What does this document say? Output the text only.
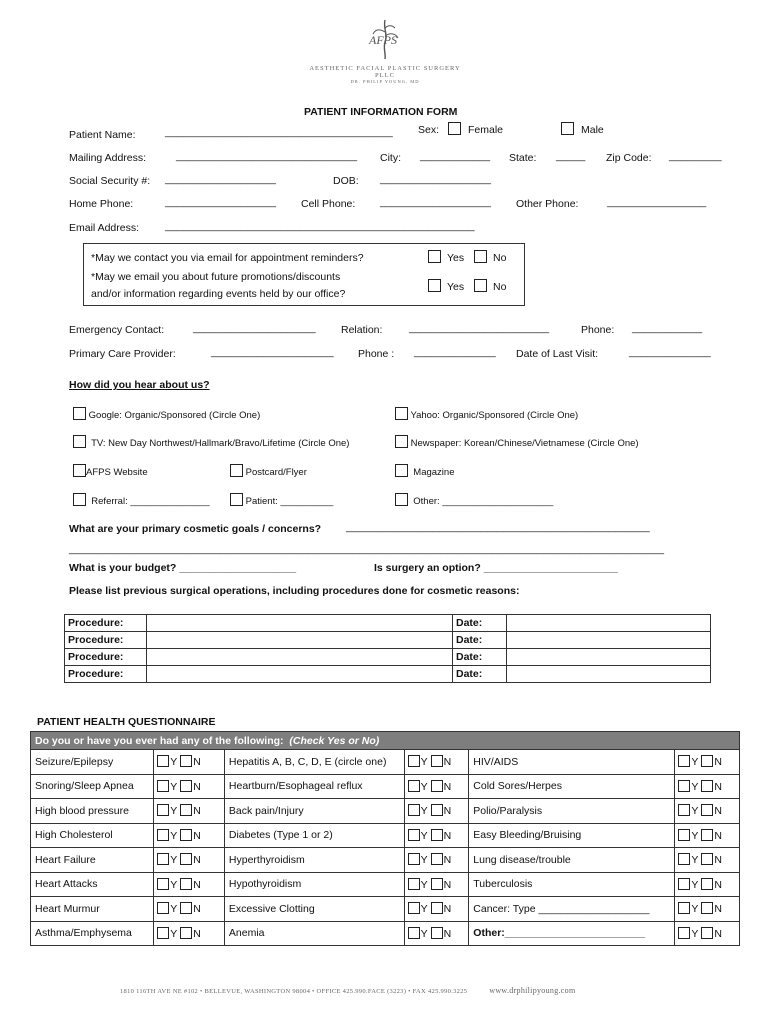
AFPS
AESTHETIC FACIAL PLASTIC SURGERY PLLC
DR. PHILIP YOUNG, MD
PATIENT INFORMATION FORM
Patient Name:	_______________________________________ Sex:	Female	Male
Mailing Address:	_______________________________ City: ____________ State: _____ Zip Code: _________
Social Security #: ___________________	DOB: ___________________
Home Phone:	___________________ Cell Phone: ___________________ Other Phone:	_________________
Email Address: _____________________________________________________
*May we contact you via email for appointment reminders?	Yes	No
*May we email you about future promotions/discounts
and/or information regarding events held by our office?
Yes	No
Emergency Contact:	_____________________ Relation:	________________________	Phone: ____________
Primary Care Provider:	_____________________ Phone : ______________ Date of Last Visit:	______________
How did you hear about us?
Google: Organic/Sponsored (Circle One)	Yahoo: Organic/Sponsored (Circle One)
TV: New Day Northwest/Hallmark/Bravo/Lifetime (Circle One)	Newspaper: Korean/Chinese/Vietnamese (Circle One)
AFPS Website	Postcard/Flyer	Magazine
Referral: _______________	Patient: __________	Other: _____________________
What are your primary cosmetic goals / concerns? ____________________________________________________
___________________________________________________________________________________________________________
What is your budget? ____________________	Is surgery an option? _______________________
Please list previous surgical operations, including procedures done for cosmetic reasons:
Procedure:		Date:	
Procedure:		Date:	
Procedure:		Date:	
Procedure:		Date:	
PATIENT HEALTH QUESTIONNAIRE
Do you or have you ever had any of the following: (Check Yes or No)					
Seizure/Epilepsy	Y N	Hepatitis A, B, C, D, E (circle one)	Y N	HIV/AIDS	Y N
Snoring/Sleep Apnea	Y N	Heartburn/Esophageal reflux	Y N	Cold Sores/Herpes	Y N
High blood pressure	Y N	Back pain/Injury	Y N	Polio/Paralysis	Y N
High Cholesterol	Y N	Diabetes (Type 1 or 2)	Y N	Easy Bleeding/Bruising	Y N
Heart Failure	Y N	Hyperthyroidism	Y N	Lung disease/trouble	Y N
Heart Attacks	Y N	Hypothyroidism	Y N	Tuberculosis	Y N
Heart Murmur	Y N	Excessive Clotting	Y N	Cancer: Type ___________________	Y N
Asthma/Emphysema	Y N	Anemia	Y N	Other:________________________	Y N
1810 116TH AVE NE #102 • BELLEVUE, WASHINGTON 98004 • OFFICE 425.990.FACE (3223) • FAX 425.990.3225	www.drphilipyoung.com
